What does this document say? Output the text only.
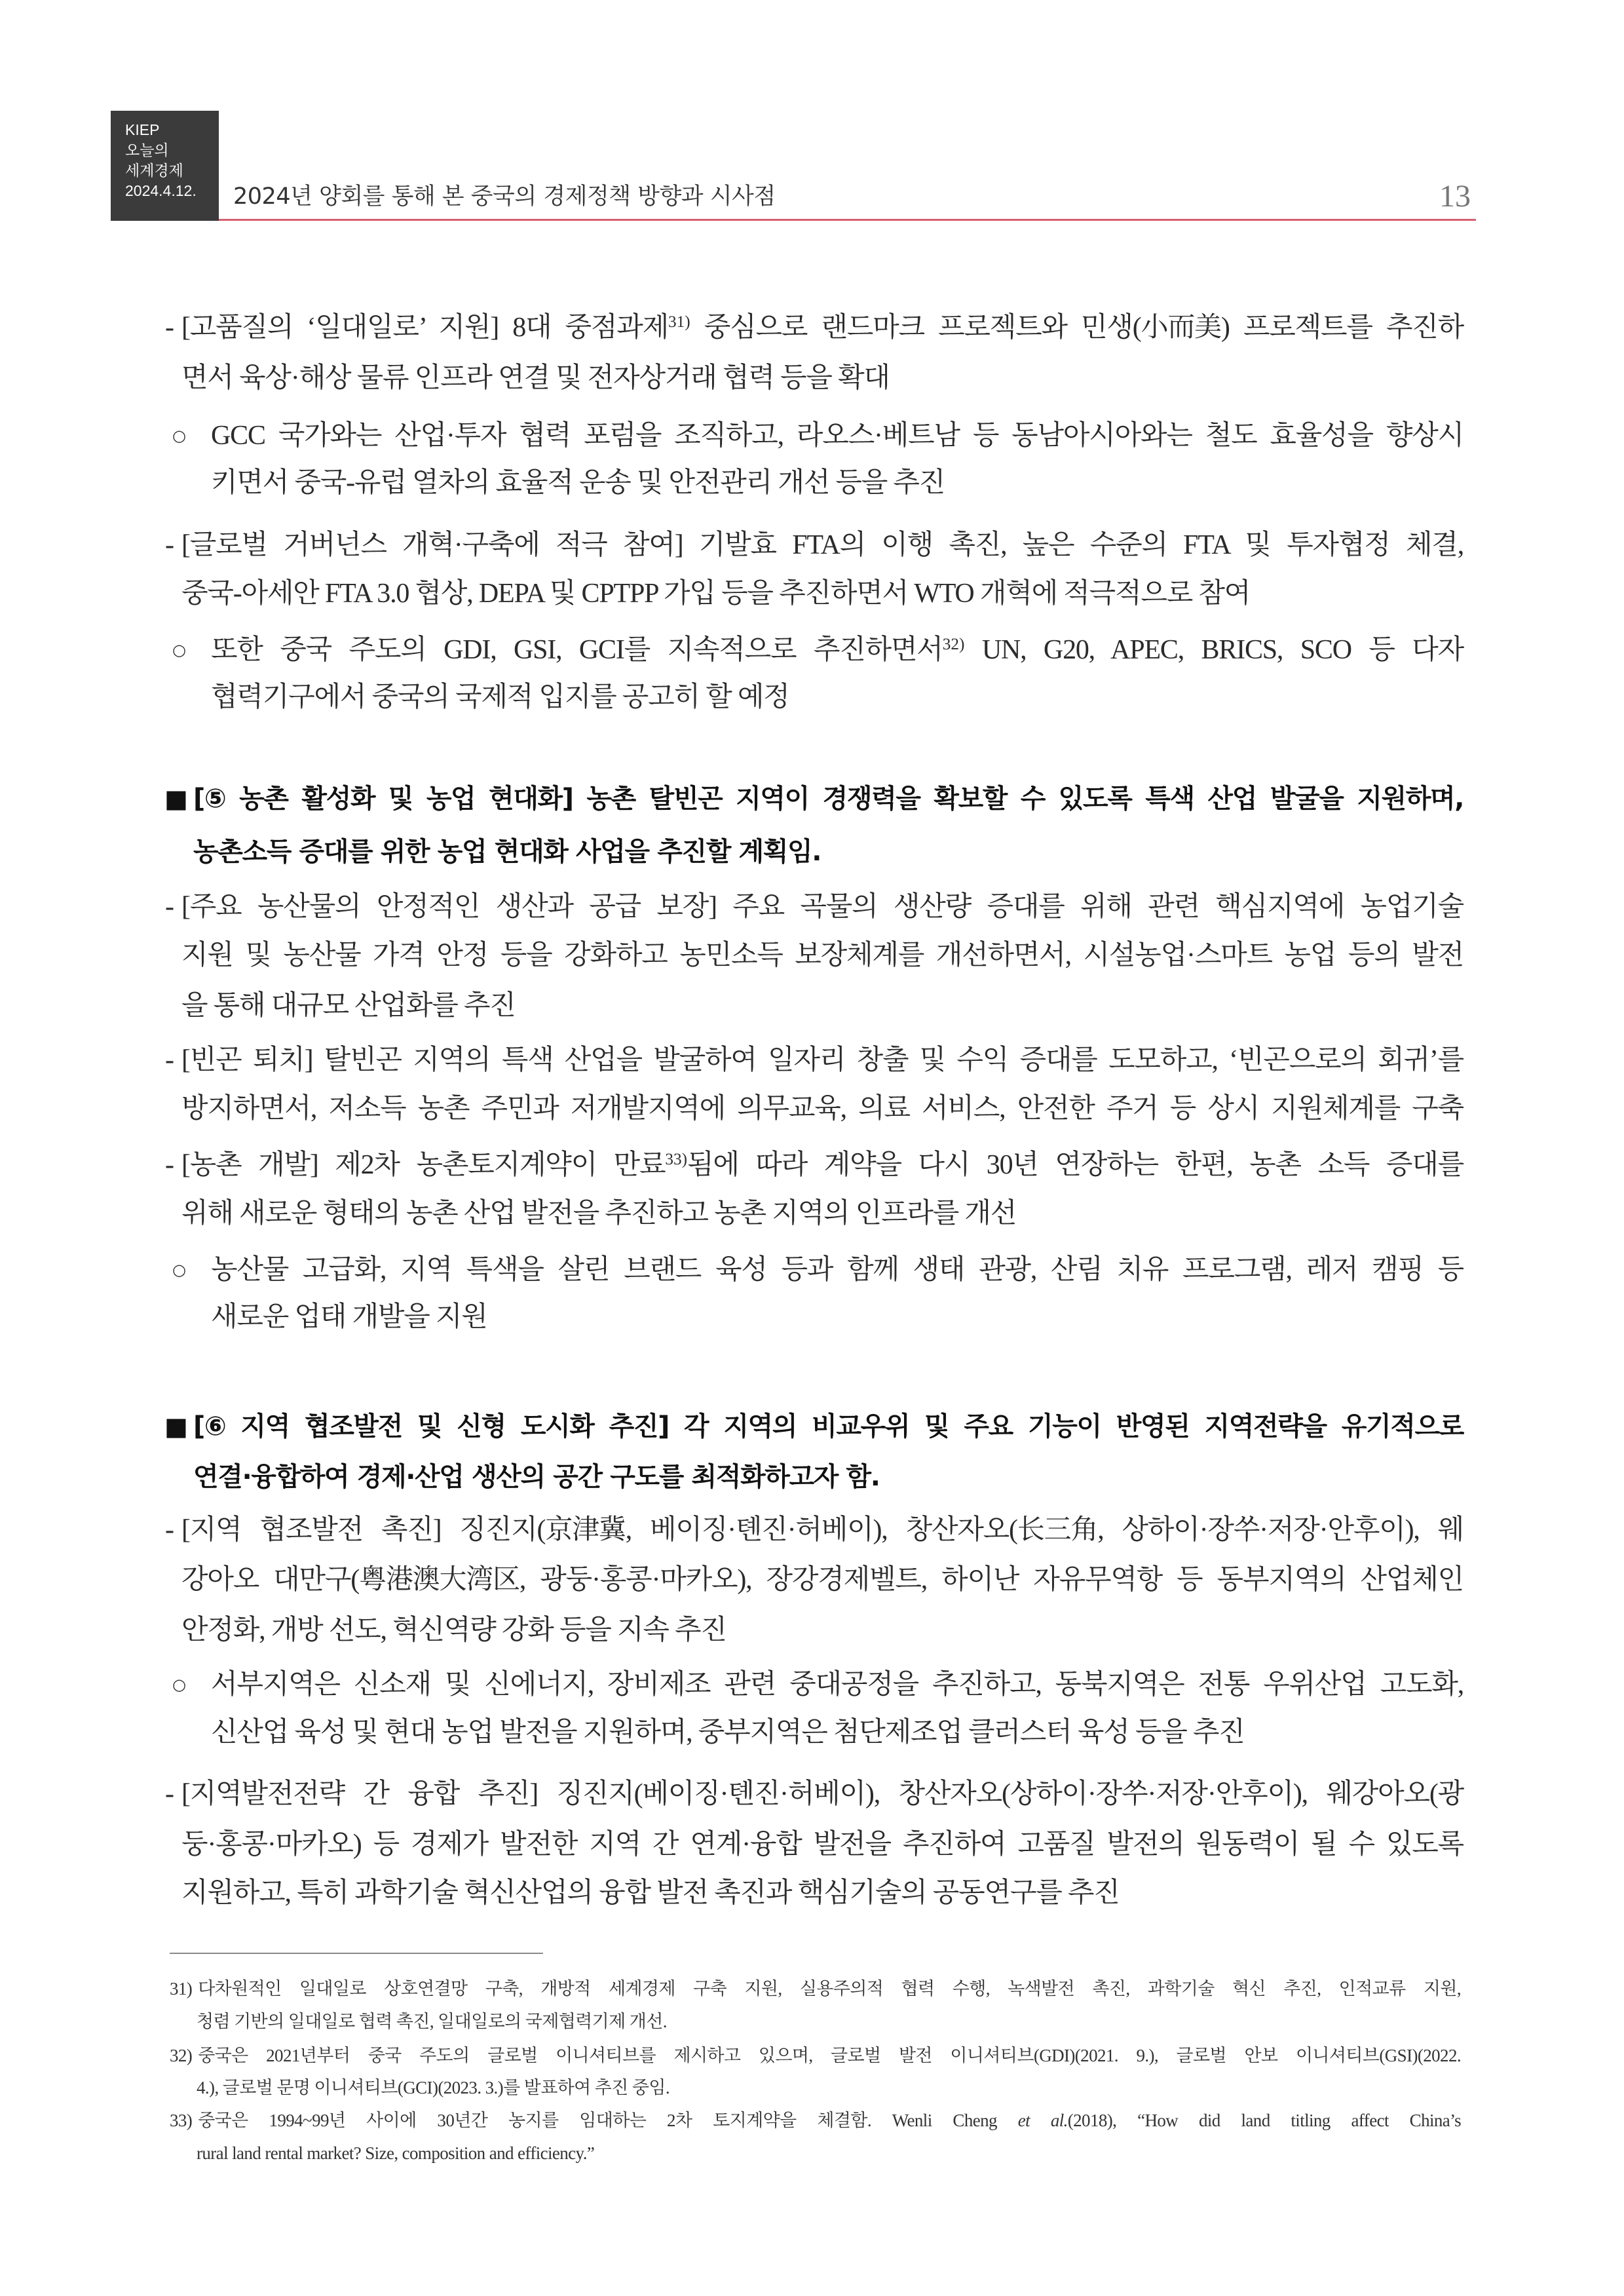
KIEP
오늘의
세계경제
2024.4.12.	2024년 양회를 통해 본 중국의 경제정책 방향과 시사점	13
- [고품질의 ‘일대일로’ 지원] 8대 중점과제$^{31)}$ 중심으로 랜드마크 프로젝트와 민생(小而美) 프로젝트를 추진하
면서 육상·해상 물류 인프라 연결 및 전자상거래 협력 등을 확대
○ GCC 국가와는 산업·투자 협력 포럼을 조직하고, 라오스·베트남 등 동남아시아와는 철도 효율성을 향상시
키면서 중국-유럽 열차의 효율적 운송 및 안전관리 개선 등을 추진
- [글로벌 거버넌스 개혁·구축에 적극 참여] 기발효 FTA의 이행 촉진, 높은 수준의 FTA 및 투자협정 체결,
중국-아세안 FTA 3.0 협상, DEPA 및 CPTPP 가입 등을 추진하면서 WTO 개혁에 적극적으로 참여
○ 또한 중국 주도의 GDI, GSI, GCI를 지속적으로 추진하면서$^{32)}$ UN, G20, APEC, BRICS, SCO 등 다자
협력기구에서 중국의 국제적 입지를 공고히 할 예정
■ [⑤ 농촌 활성화 및 농업 현대화] 농촌 탈빈곤 지역이 경쟁력을 확보할 수 있도록 특색 산업 발굴을 지원하며,
농촌소득 증대를 위한 농업 현대화 사업을 추진할 계획임.
- [주요 농산물의 안정적인 생산과 공급 보장] 주요 곡물의 생산량 증대를 위해 관련 핵심지역에 농업기술
지원 및 농산물 가격 안정 등을 강화하고 농민소득 보장체계를 개선하면서, 시설농업·스마트 농업 등의 발전
을 통해 대규모 산업화를 추진
- [빈곤 퇴치] 탈빈곤 지역의 특색 산업을 발굴하여 일자리 창출 및 수익 증대를 도모하고, ‘빈곤으로의 회귀’를
방지하면서, 저소득 농촌 주민과 저개발지역에 의무교육, 의료 서비스, 안전한 주거 등 상시 지원체계를 구축
- [농촌 개발] 제2차 농촌토지계약이 만료$^{33)}$됨에 따라 계약을 다시 30년 연장하는 한편, 농촌 소득 증대를
위해 새로운 형태의 농촌 산업 발전을 추진하고 농촌 지역의 인프라를 개선
○ 농산물 고급화, 지역 특색을 살린 브랜드 육성 등과 함께 생태 관광, 산림 치유 프로그램, 레저 캠핑 등
새로운 업태 개발을 지원
■ [⑥ 지역 협조발전 및 신형 도시화 추진] 각 지역의 비교우위 및 주요 기능이 반영된 지역전략을 유기적으로
연결·융합하여 경제·산업 생산의 공간 구도를 최적화하고자 함.
- [지역 협조발전 촉진] 징진지(京津冀, 베이징·톈진·허베이), 창산자오(长三角, 상하이·장쑤·저장·안후이), 웨
강아오 대만구(粤港澳大湾区, 광둥·홍콩·마카오), 장강경제벨트, 하이난 자유무역항 등 동부지역의 산업체인
안정화, 개방 선도, 혁신역량 강화 등을 지속 추진
○ 서부지역은 신소재 및 신에너지, 장비제조 관련 중대공정을 추진하고, 동북지역은 전통 우위산업 고도화,
신산업 육성 및 현대 농업 발전을 지원하며, 중부지역은 첨단제조업 클러스터 육성 등을 추진
- [지역발전전략 간 융합 추진] 징진지(베이징·톈진·허베이), 창산자오(상하이·장쑤·저장·안후이), 웨강아오(광
둥·홍콩·마카오) 등 경제가 발전한 지역 간 연계·융합 발전을 추진하여 고품질 발전의 원동력이 될 수 있도록
지원하고, 특히 과학기술 혁신산업의 융합 발전 촉진과 핵심기술의 공동연구를 추진
31) 다차원적인 일대일로 상호연결망 구축, 개방적 세계경제 구축 지원, 실용주의적 협력 수행, 녹색발전 촉진, 과학기술 혁신 추진, 인적교류 지원,
청렴 기반의 일대일로 협력 촉진, 일대일로의 국제협력기제 개선.
32) 중국은 2021년부터 중국 주도의 글로벌 이니셔티브를 제시하고 있으며, 글로벌 발전 이니셔티브(GDI)(2021. 9.), 글로벌 안보 이니셔티브(GSI)(2022.
4.), 글로벌 문명 이니셔티브(GCI)(2023. 3.)를 발표하여 추진 중임.
33) 중국은 1994~99년 사이에 30년간 농지를 임대하는 2차 토지계약을 체결함. Wenli Cheng et al.(2018), “How did land titling affect China’s
rural land rental market? Size, composition and efficiency.”
